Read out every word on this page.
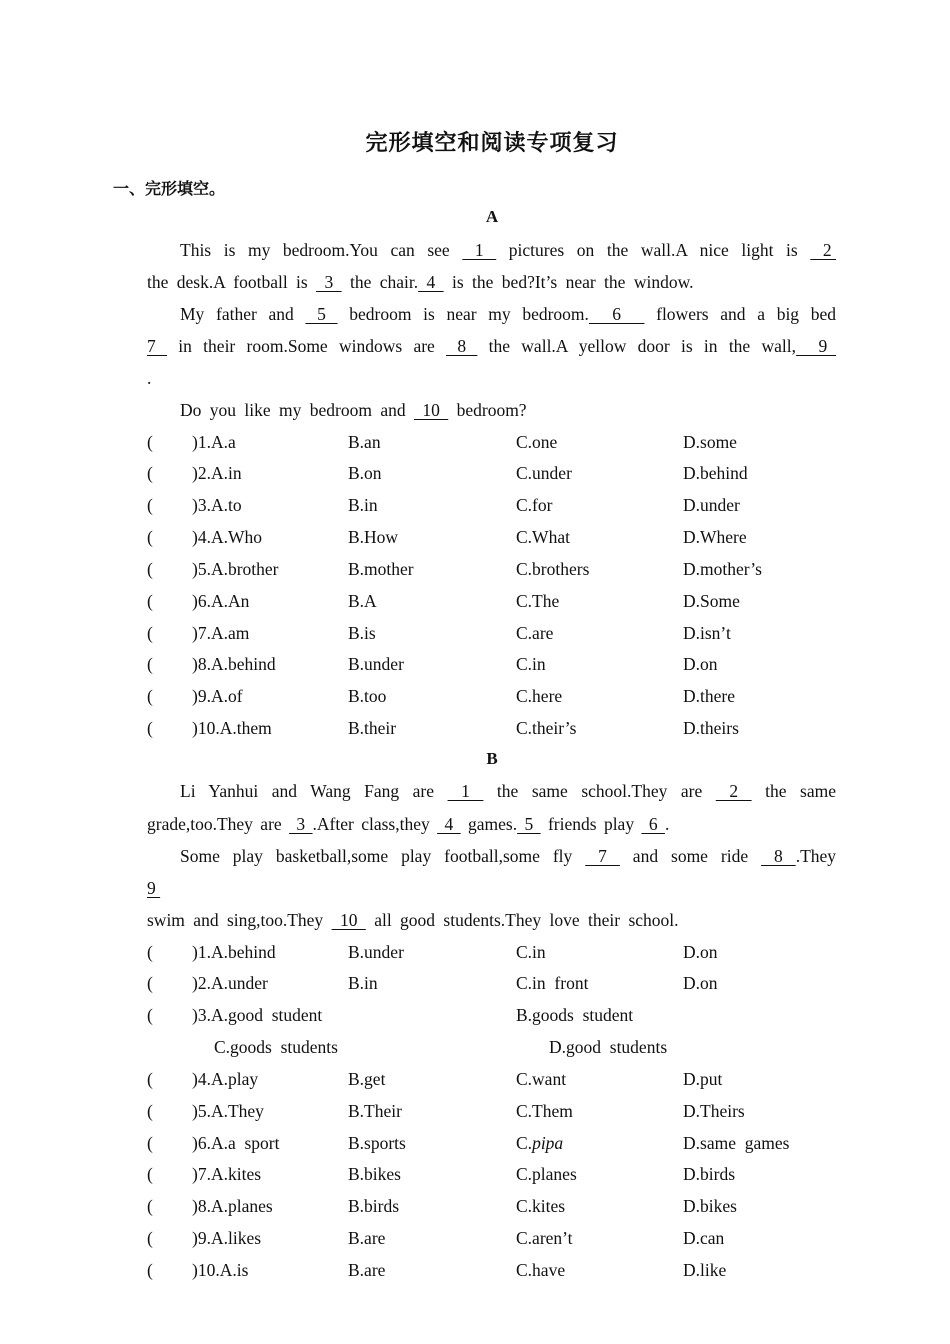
完形填空和阅读专项复习
一、完形填空。
A
This is my bedroom.You can see  1  pictures on the wall.A nice light is  2
the desk.A football is  3  the chair. 4  is the bed?It’s near the window.
My father and  5  bedroom is near my bedroom.  6   flowers and a big bed
7  in their room.Some windows are  8  the wall.A yellow door is in the wall,  9
.
Do you like my bedroom and  10  bedroom?
( )1.A.a	B.an	C.one	D.some
( )2.A.in	B.on	C.under	D.behind
( )3.A.to	B.in	C.for	D.under
( )4.A.Who	B.How	C.What	D.Where
( )5.A.brother	B.mother	C.brothers	D.mother’s
( )6.A.An	B.A	C.The	D.Some
( )7.A.am	B.is	C.are	D.isn’t
( )8.A.behind	B.under	C.in	D.on
( )9.A.of	B.too	C.here	D.there
( )10.A.them	B.their	C.their’s	D.theirs
B
Li Yanhui and Wang Fang are  1  the same school.They are  2  the same
grade,too.They are  3 .After class,they  4  games. 5  friends play  6 .
Some play basketball,some play football,some fly  7  and some ride  8 .They
9
swim and sing,too.They  10  all good students.They love their school.
( )1.A.behind	B.under	C.in	D.on
( )2.A.under	B.in	C.in  front	D.on
( )3.A.good  student	B.goods  student
C.goods  students	D.good  students
( )4.A.play	B.get	C.want	D.put
( )5.A.They	B.Their	C.Them	D.Theirs
( )6.A.a  sport	B.sports	C.pipa	D.same  games
( )7.A.kites	B.bikes	C.planes	D.birds
( )8.A.planes	B.birds	C.kites	D.bikes
( )9.A.likes	B.are	C.aren’t	D.can
( )10.A.is	B.are	C.have	D.like
